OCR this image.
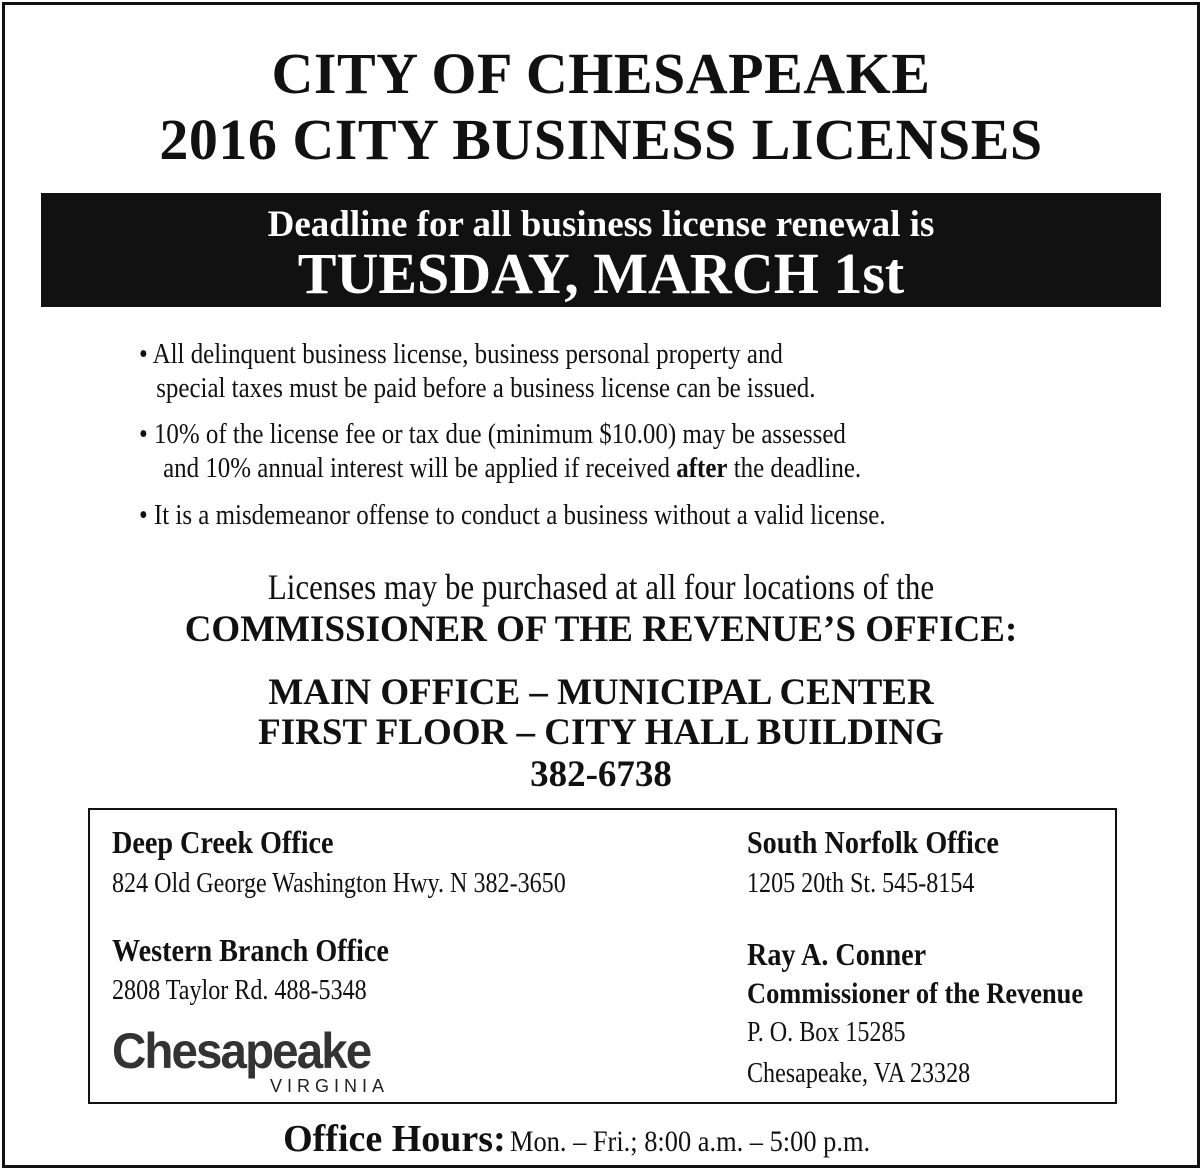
CITY OF CHESAPEAKE
2016 CITY BUSINESS LICENSES
Deadline for all business license renewal is
TUESDAY, MARCH 1st
• All delinquent business license, business personal property and
special taxes must be paid before a business license can be issued.
• 10% of the license fee or tax due (minimum $10.00) may be assessed
and 10% annual interest will be applied if received after the deadline.
• It is a misdemeanor offense to conduct a business without a valid license.
Licenses may be purchased at all four locations of the
COMMISSIONER OF THE REVENUE’S OFFICE:
MAIN OFFICE – MUNICIPAL CENTER
FIRST FLOOR – CITY HALL BUILDING
382-6738
Deep Creek Office
824 Old George Washington Hwy. N 382-3650
South Norfolk Office
1205 20th St. 545-8154
Western Branch Office
2808 Taylor Rd. 488-5348
Ray A. Conner
Commissioner of the Revenue
P. O. Box 15285
Chesapeake, VA 23328
Chesapeake
VIRGINIA
Office Hours: Mon. – Fri.; 8:00 a.m. – 5:00 p.m.
